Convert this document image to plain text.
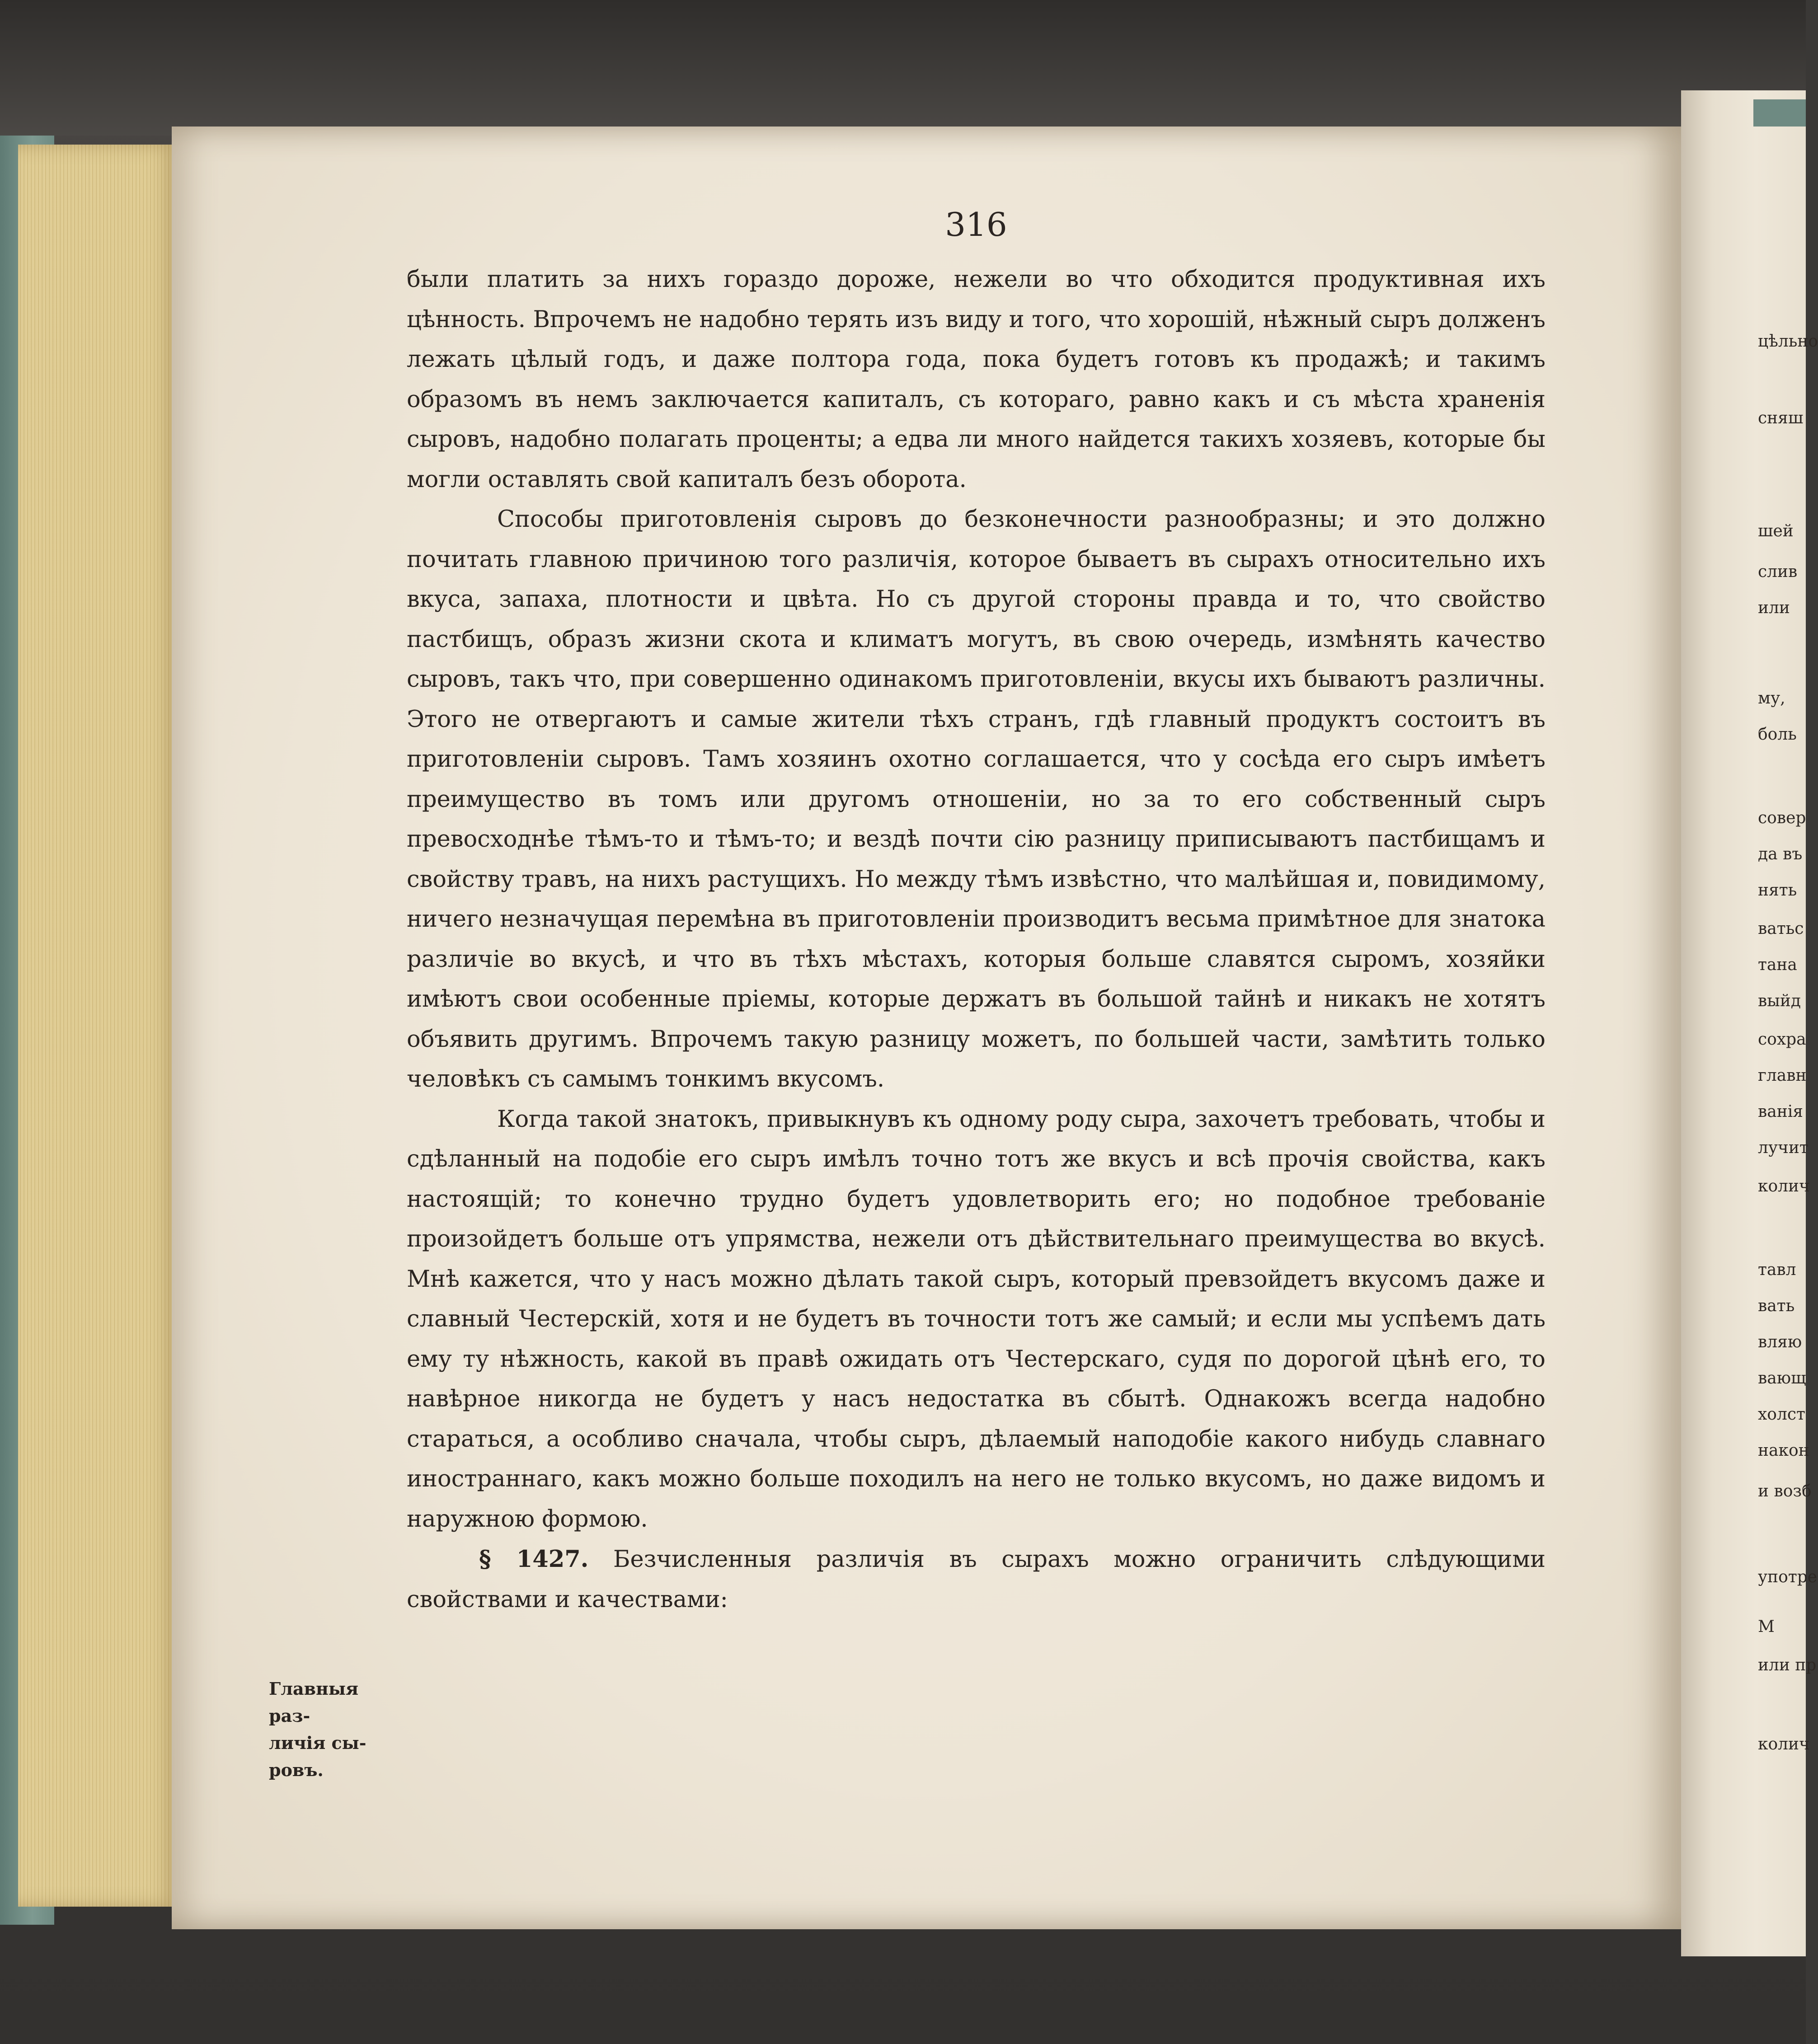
316

были платить за нихъ гораздо дороже, нежели во что обходится продуктивная ихъ цѣнность. Впрочемъ не надобно терять изъ виду и того, что хорошій, нѣжный сыръ долженъ лежать цѣлый годъ, и даже полтора года, пока будетъ готовъ къ продажѣ; и такимъ образомъ въ немъ заключается капиталъ, съ котораго, равно какъ и съ мѣста храненія сыровъ, надобно полагать проценты; а едва ли много найдется такихъ хозяевъ, которые бы могли оставлять свой капиталъ безъ оборота.

Способы приготовленія сыровъ до безконечности разнообразны; и это должно почитать главною причиною того различія, которое бываетъ въ сырахъ относительно ихъ вкуса, запаха, плотности и цвѣта. Но съ другой стороны правда и то, что свойство пастбищъ, образъ жизни скота и климатъ могутъ, въ свою очередь, измѣнять качество сыровъ, такъ что, при совершенно одинакомъ приготовленіи, вкусы ихъ бываютъ различны. Этого не отвергаютъ и самые жители тѣхъ странъ, гдѣ главный продуктъ состоитъ въ приготовленіи сыровъ. Тамъ хозяинъ охотно соглашается, что у сосѣда его сыръ имѣетъ преимущество въ томъ или другомъ отношеніи, но за то его собственный сыръ превосходнѣе тѣмъ-то и тѣмъ-то; и вездѣ почти сію разницу приписываютъ пастбищамъ и свойству травъ, на нихъ растущихъ. Но между тѣмъ извѣстно, что малѣйшая и, повидимому, ничего незначущая перемѣна въ приготовленіи производитъ весьма примѣтное для знатока различіе во вкусѣ, и что въ тѣхъ мѣстахъ, которыя больше славятся сыромъ, хозяйки имѣютъ свои особенные пріемы, которые держатъ въ большой тайнѣ и никакъ не хотятъ объявить другимъ. Впрочемъ такую разницу можетъ, по большей части, замѣтить только человѣкъ съ самымъ тонкимъ вкусомъ.

Когда такой знатокъ, привыкнувъ къ одному роду сыра, захочетъ требовать, чтобы и сдѣланный на подобіе его сыръ имѣлъ точно тотъ же вкусъ и всѣ прочія свойства, какъ настоящій; то конечно трудно будетъ удовлетворить его; но подобное требованіе произойдетъ больше отъ упрямства, нежели отъ дѣйствительнаго преимущества во вкусѣ. Мнѣ кажется, что у насъ можно дѣлать такой сыръ, который превзойдетъ вкусомъ даже и славный Честерскій, хотя и не будетъ въ точности тотъ же самый; и если мы успѣемъ дать ему ту нѣжность, какой въ правѣ ожидать отъ Честерскаго, судя по дорогой цѣнѣ его, то навѣрное никогда не будетъ у насъ недостатка въ сбытѣ. Однакожъ всегда надобно стараться, а особливо сначала, чтобы сыръ, дѣлаемый наподобіе какого нибудь славнаго иностраннаго, какъ можно больше походилъ на него не только вкусомъ, но даже видомъ и наружною формою.

§ 1427. Безчисленныя различія въ сырахъ можно ограничить слѣдующими свойствами и качествами:

Главныя раз-
личія сы-
ровъ.
цѣльно
сняш
шей
слив
или
му,
боль
совер
да въ
нять
ватьс
тана
выйд
сохра
главн
ванія
лучит
колич
тавл
вать
вляю
вающ
холст
након
и возб
употре
М
или пр
колич
